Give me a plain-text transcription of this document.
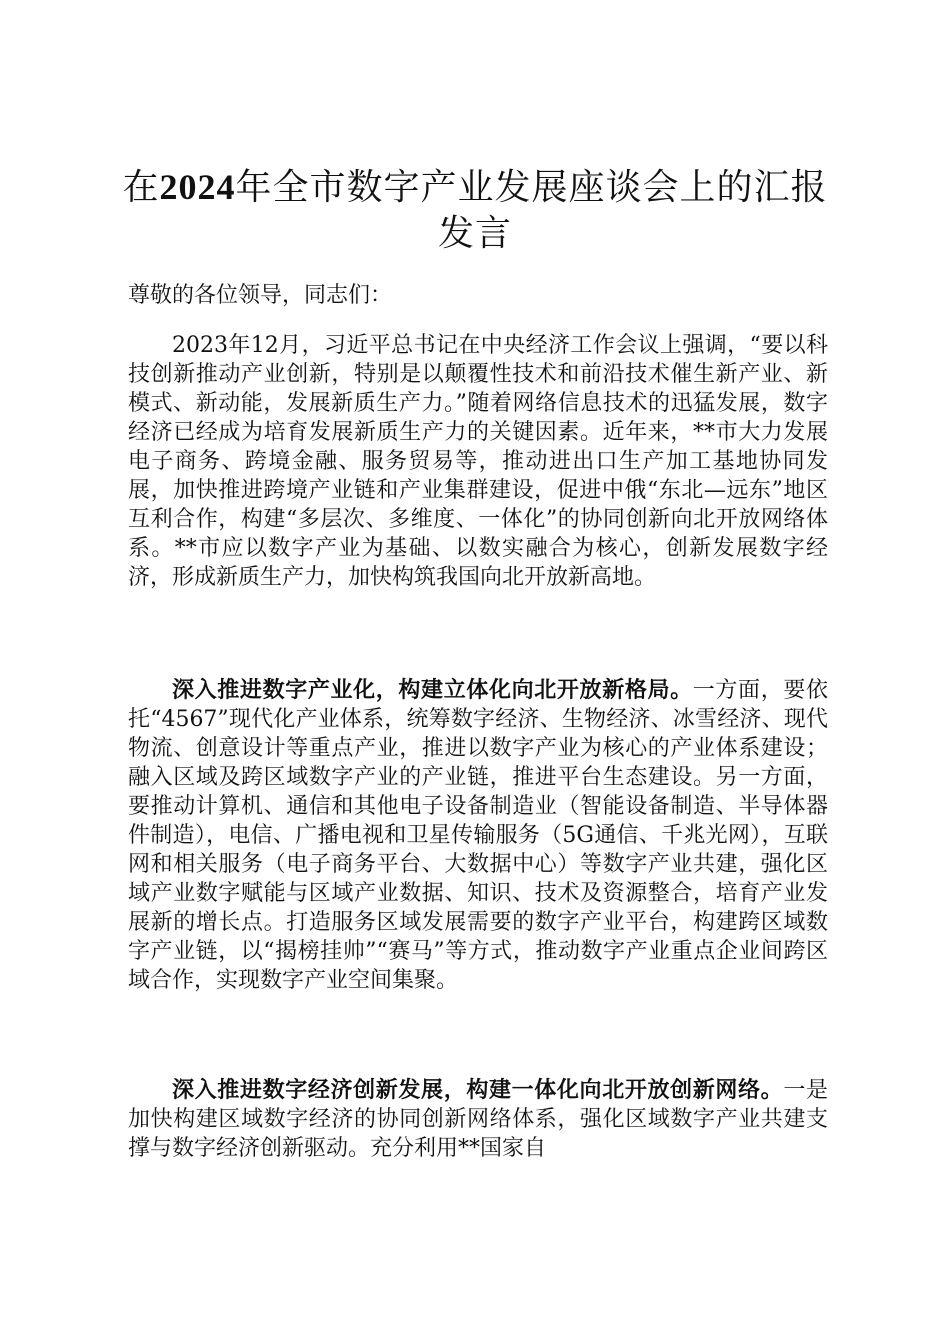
在2024年全市数字产业发展座谈会上的汇报发言

尊敬的各位领导，同志们：

2023年12月，习近平总书记在中央经济工作会议上强调，“要以科技创新推动产业创新，特别是以颠覆性技术和前沿技术催生新产业、新模式、新动能，发展新质生产力。”随着网络信息技术的迅猛发展，数字经济已经成为培育发展新质生产力的关键因素。近年来，**市大力发展电子商务、跨境金融、服务贸易等，推动进出口生产加工基地协同发展，加快推进跨境产业链和产业集群建设，促进中俄“东北—远东”地区互利合作，构建“多层次、多维度、一体化”的协同创新向北开放网络体系。**市应以数字产业为基础、以数实融合为核心，创新发展数字经济，形成新质生产力，加快构筑我国向北开放新高地。

深入推进数字产业化，构建立体化向北开放新格局。一方面，要依托“4567”现代化产业体系，统筹数字经济、生物经济、冰雪经济、现代物流、创意设计等重点产业，推进以数字产业为核心的产业体系建设；融入区域及跨区域数字产业的产业链，推进平台生态建设。另一方面，要推动计算机、通信和其他电子设备制造业（智能设备制造、半导体器件制造），电信、广播电视和卫星传输服务（5G通信、千兆光网），互联网和相关服务（电子商务平台、大数据中心）等数字产业共建，强化区域产业数字赋能与区域产业数据、知识、技术及资源整合，培育产业发展新的增长点。打造服务区域发展需要的数字产业平台，构建跨区域数字产业链，以“揭榜挂帅”“赛马”等方式，推动数字产业重点企业间跨区域合作，实现数字产业空间集聚。

深入推进数字经济创新发展，构建一体化向北开放创新网络。一是加快构建区域数字经济的协同创新网络体系，强化区域数字产业共建支撑与数字经济创新驱动。充分利用**国家自
